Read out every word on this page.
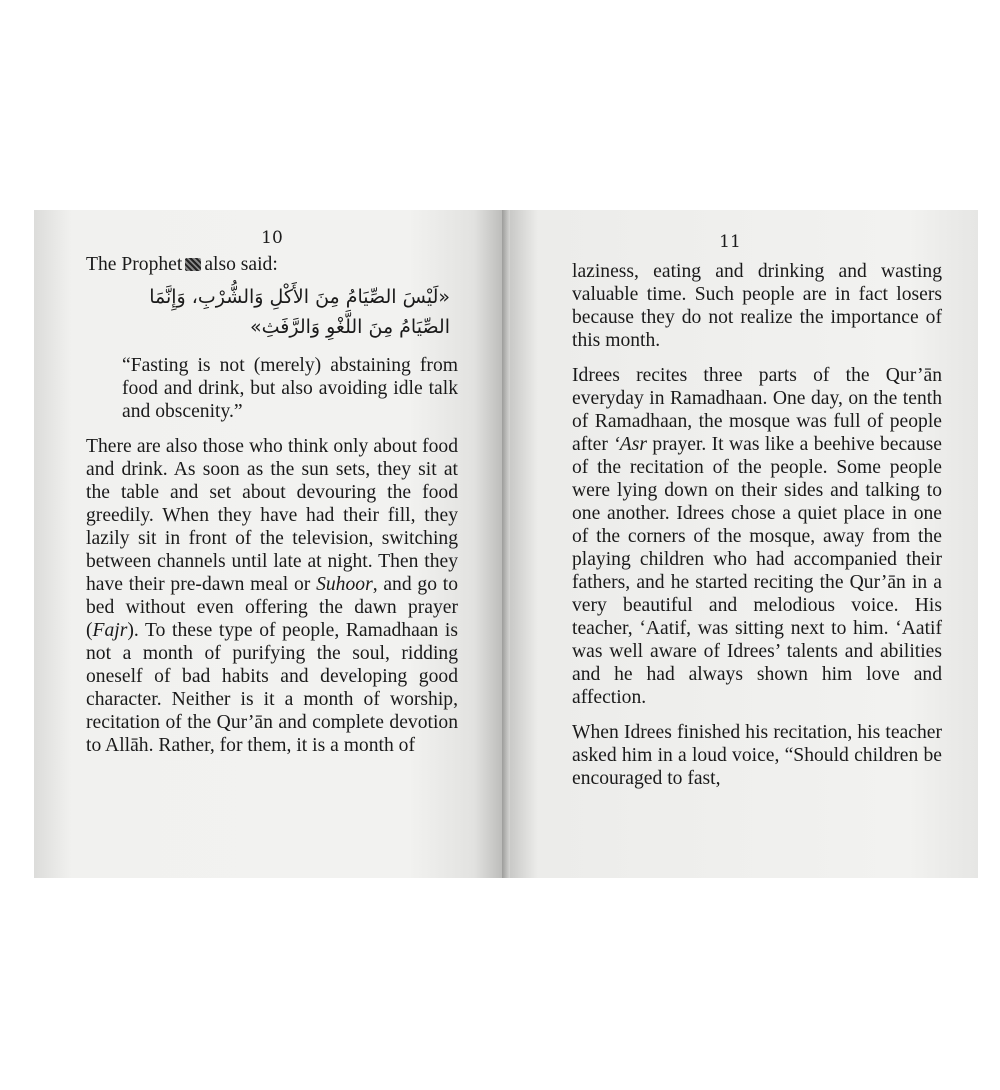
10

The Prophet also said:

«لَيْسَ الصِّيَامُ مِنَ الأَكْلِ وَالشُّرْبِ، وَإِنَّمَا

الصِّيَامُ مِنَ اللَّغْوِ وَالرَّفَثِ»

“Fasting is not (merely) abstaining from food and drink, but also avoiding idle talk and obscenity.”

There are also those who think only about food and drink. As soon as the sun sets, they sit at the table and set about devouring the food greedily. When they have had their fill, they lazily sit in front of the television, switching between channels until late at night. Then they have their pre-dawn meal or Suhoor, and go to bed without even offering the dawn prayer (Fajr). To these type of people, Ramadhaan is not a month of purifying the soul, ridding oneself of bad habits and developing good character. Neither is it a month of worship, recitation of the Qur’ān and complete devotion to Allāh. Rather, for them, it is a month of

11

laziness, eating and drinking and wasting valuable time. Such people are in fact losers because they do not realize the importance of this month.

Idrees recites three parts of the Qur’ān everyday in Ramadhaan. One day, on the tenth of Ramadhaan, the mosque was full of people after ‘Asr prayer. It was like a beehive because of the recitation of the people. Some people were lying down on their sides and talking to one another. Idrees chose a quiet place in one of the corners of the mosque, away from the playing children who had accompanied their fathers, and he started reciting the Qur’ān in a very beautiful and melodious voice. His teacher, ‘Aatif, was sitting next to him. ‘Aatif was well aware of Idrees’ talents and abilities and he had always shown him love and affection.

When Idrees finished his recitation, his teacher asked him in a loud voice, “Should children be encouraged to fast,
